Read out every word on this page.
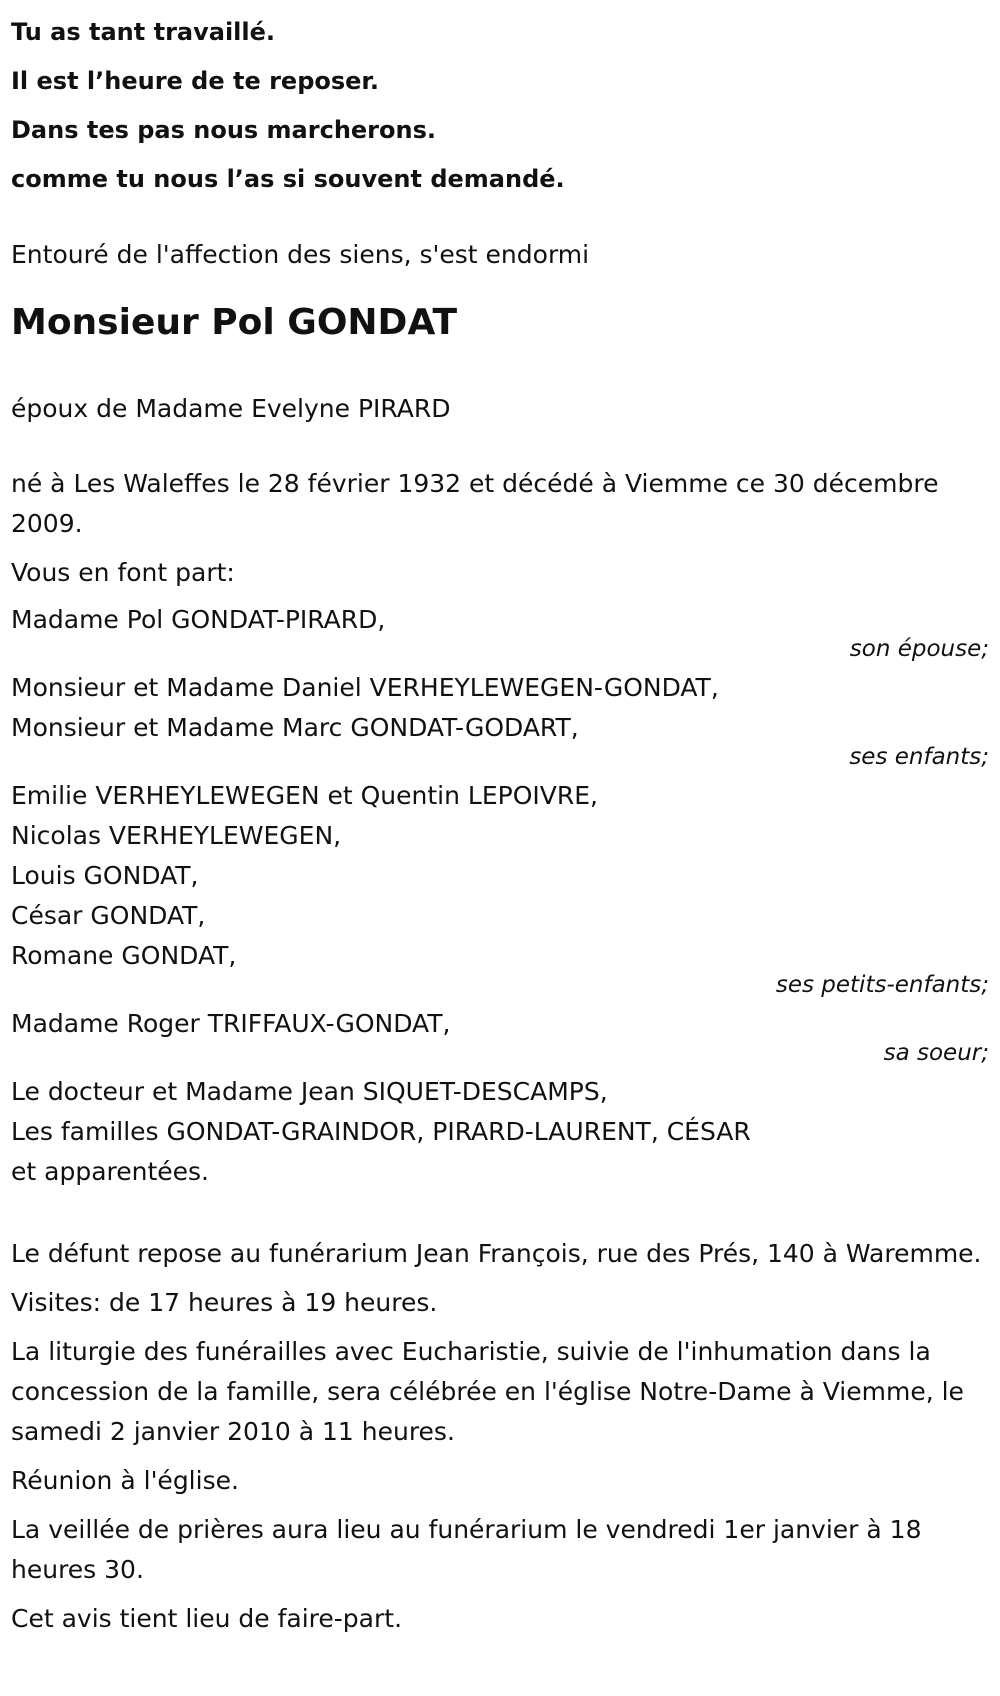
Tu as tant travaillé.
Il est l’heure de te reposer.
Dans tes pas nous marcherons.
comme tu nous l’as si souvent demandé.
Entouré de l'affection des siens, s'est endormi
Monsieur Pol GONDAT
époux de Madame Evelyne PIRARD
né à Les Waleffes le 28 février 1932 et décédé à Viemme ce 30 décembre 2009.
Vous en font part:
Madame Pol GONDAT-PIRARD,
son épouse;
Monsieur et Madame Daniel VERHEYLEWEGEN-GONDAT,
Monsieur et Madame Marc GONDAT-GODART,
ses enfants;
Emilie VERHEYLEWEGEN et Quentin LEPOIVRE,
Nicolas VERHEYLEWEGEN,
Louis GONDAT,
César GONDAT,
Romane GONDAT,
ses petits-enfants;
Madame Roger TRIFFAUX-GONDAT,
sa soeur;
Le docteur et Madame Jean SIQUET-DESCAMPS,
Les familles GONDAT-GRAINDOR, PIRARD-LAURENT, CÉSAR
et apparentées.
Le défunt repose au funérarium Jean François, rue des Prés, 140 à Waremme.
Visites: de 17 heures à 19 heures.
La liturgie des funérailles avec Eucharistie, suivie de l'inhumation dans la concession de la famille, sera célébrée en l'église Notre-Dame à Viemme, le samedi 2 janvier 2010 à 11 heures.
Réunion à l'église.
La veillée de prières aura lieu au funérarium le vendredi 1er janvier à 18 heures 30.
Cet avis tient lieu de faire-part.
